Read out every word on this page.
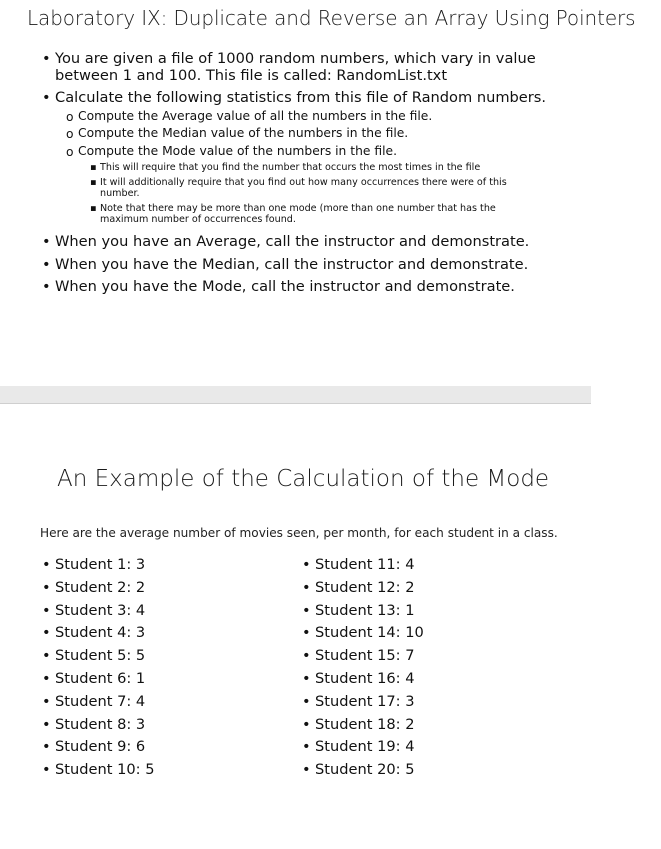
Laboratory IX: Duplicate and Reverse an Array Using Pointers
• You are given a file of 1000 random numbers, which vary in value
between 1 and 100. This file is called: RandomList.txt
• Calculate the following statistics from this file of Random numbers.
o Compute the Average value of all the numbers in the file.
o Compute the Median value of the numbers in the file.
o Compute the Mode value of the numbers in the file.
▪ This will require that you find the number that occurs the most times in the file
▪ It will additionally require that you find out how many occurrences there were of this
number.
▪ Note that there may be more than one mode (more than one number that has the
maximum number of occurrences found.
• When you have an Average, call the instructor and demonstrate.
• When you have the Median, call the instructor and demonstrate.
• When you have the Mode, call the instructor and demonstrate.
An Example of the Calculation of the Mode
Here are the average number of movies seen, per month, for each student in a class.
• Student 1: 3
• Student 2: 2
• Student 3: 4
• Student 4: 3
• Student 5: 5
• Student 6: 1
• Student 7: 4
• Student 8: 3
• Student 9: 6
• Student 10: 5
• Student 11: 4
• Student 12: 2
• Student 13: 1
• Student 14: 10
• Student 15: 7
• Student 16: 4
• Student 17: 3
• Student 18: 2
• Student 19: 4
• Student 20: 5
